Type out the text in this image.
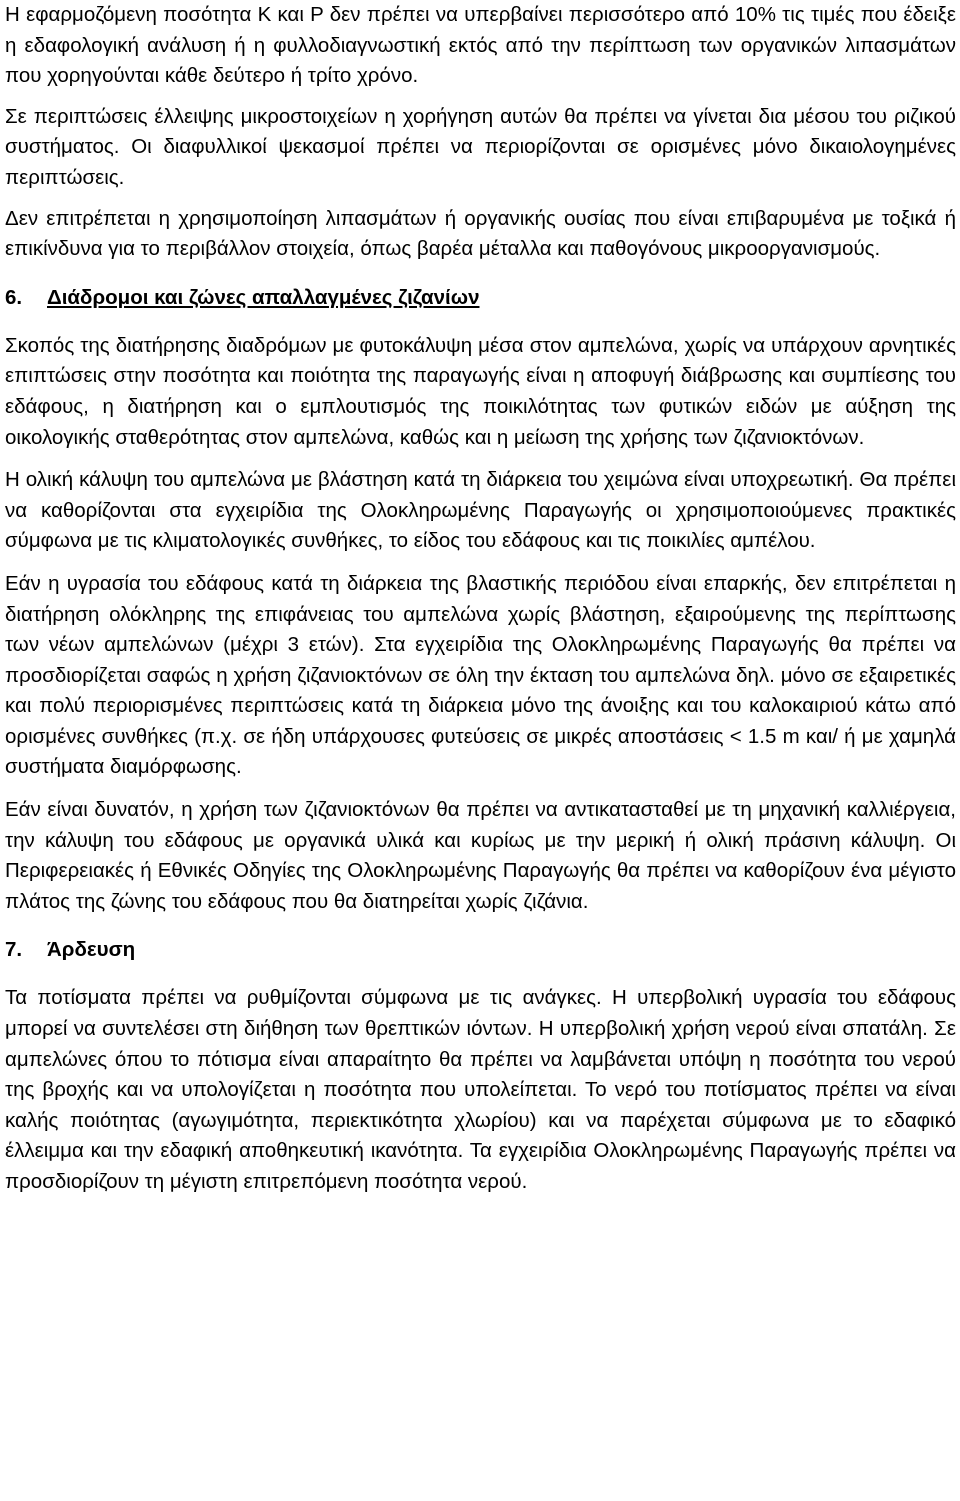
Η εφαρμοζόμενη ποσότητα Κ και Ρ δεν πρέπει να υπερβαίνει περισσότερο από 10% τις τιμές που έδειξε η εδαφολογική ανάλυση ή η φυλλοδιαγνωστική εκτός από την περίπτωση των οργανικών λιπασμάτων που χορηγούνται κάθε δεύτερο ή τρίτο χρόνο.

Σε περιπτώσεις έλλειψης μικροστοιχείων η χορήγηση αυτών θα πρέπει να γίνεται δια μέσου του ριζικού συστήματος. Οι διαφυλλικοί ψεκασμοί πρέπει να περιορίζονται σε ορισμένες μόνο δικαιολογημένες περιπτώσεις.

Δεν επιτρέπεται η χρησιμοποίηση λιπασμάτων ή οργανικής ουσίας που είναι επιβαρυμένα με τοξικά ή επικίνδυνα για το περιβάλλον στοιχεία, όπως βαρέα μέταλλα και παθογόνους μικροοργανισμούς.

6. Διάδρομοι και ζώνες απαλλαγμένες ζιζανίων

Σκοπός της διατήρησης διαδρόμων με φυτοκάλυψη μέσα στον αμπελώνα, χωρίς να υπάρχουν αρνητικές επιπτώσεις στην ποσότητα και ποιότητα της παραγωγής είναι η αποφυγή διάβρωσης και συμπίεσης του εδάφους, η διατήρηση και ο εμπλουτισμός της ποικιλότητας των φυτικών ειδών με αύξηση της οικολογικής σταθερότητας στον αμπελώνα, καθώς και η μείωση της χρήσης των ζιζανιοκτόνων.

Η ολική κάλυψη του αμπελώνα με βλάστηση κατά τη διάρκεια του χειμώνα είναι υποχρεωτική. Θα πρέπει να καθορίζονται στα εγχειρίδια της Ολοκληρωμένης Παραγωγής οι χρησιμοποιούμενες πρακτικές σύμφωνα με τις κλιματολογικές συνθήκες, το είδος του εδάφους και τις ποικιλίες αμπέλου.

Εάν η υγρασία του εδάφους κατά τη διάρκεια της βλαστικής περιόδου είναι επαρκής, δεν επιτρέπεται η διατήρηση ολόκληρης της επιφάνειας του αμπελώνα χωρίς βλάστηση, εξαιρούμενης της περίπτωσης των νέων αμπελώνων (μέχρι 3 ετών). Στα εγχειρίδια της Ολοκληρωμένης Παραγωγής θα πρέπει να προσδιορίζεται σαφώς η χρήση ζιζανιοκτόνων σε όλη την έκταση του αμπελώνα δηλ. μόνο σε εξαιρετικές και πολύ περιορισμένες περιπτώσεις κατά τη διάρκεια μόνο της άνοιξης και του καλοκαιριού κάτω από ορισμένες συνθήκες (π.χ. σε ήδη υπάρχουσες φυτεύσεις σε μικρές αποστάσεις < 1.5 m και/ ή με χαμηλά συστήματα διαμόρφωσης.

Εάν είναι δυνατόν, η χρήση των ζιζανιοκτόνων θα πρέπει να αντικατασταθεί με τη μηχανική καλλιέργεια, την κάλυψη του εδάφους με οργανικά υλικά και κυρίως με την μερική ή ολική πράσινη κάλυψη. Οι Περιφερειακές ή Εθνικές Οδηγίες της Ολοκληρωμένης Παραγωγής θα πρέπει να καθορίζουν ένα μέγιστο πλάτος της ζώνης του εδάφους που θα διατηρείται χωρίς ζιζάνια.

7. Άρδευση

Τα ποτίσματα πρέπει να ρυθμίζονται σύμφωνα με τις ανάγκες. Η υπερβολική υγρασία του εδάφους μπορεί να συντελέσει στη διήθηση των θρεπτικών ιόντων. Η υπερβολική χρήση νερού είναι σπατάλη. Σε αμπελώνες όπου το πότισμα είναι απαραίτητο θα πρέπει να λαμβάνεται υπόψη η ποσότητα του νερού της βροχής και να υπολογίζεται η ποσότητα που υπολείπεται. Το νερό του ποτίσματος πρέπει να είναι καλής ποιότητας (αγωγιμότητα, περιεκτικότητα χλωρίου) και να παρέχεται σύμφωνα με το εδαφικό έλλειμμα και την εδαφική αποθηκευτική ικανότητα. Τα εγχειρίδια Ολοκληρωμένης Παραγωγής πρέπει να προσδιορίζουν τη μέγιστη επιτρεπόμενη ποσότητα νερού.
